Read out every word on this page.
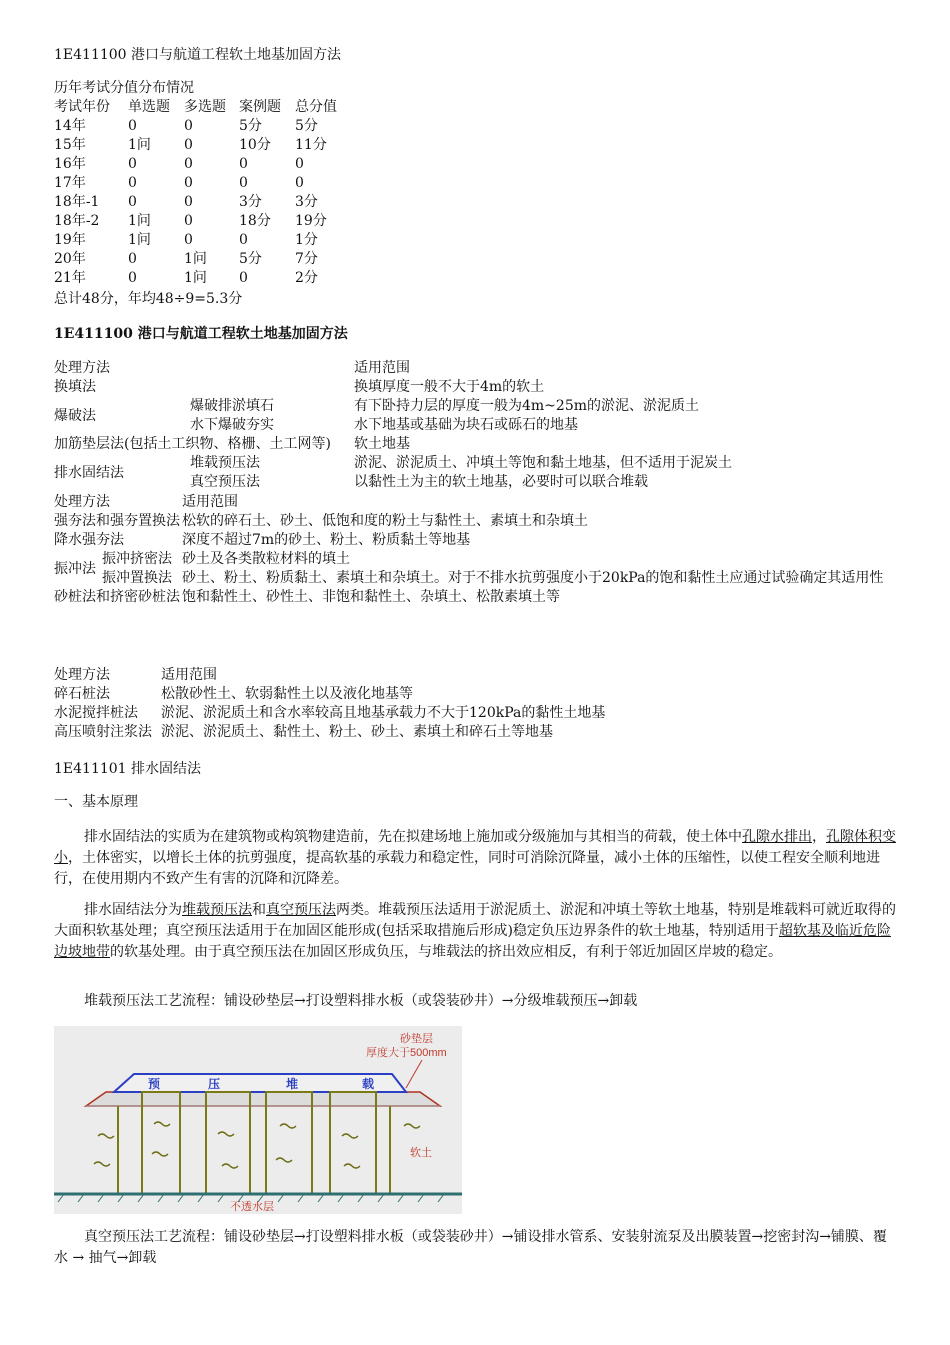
1E411100 港口与航道工程软土地基加固方法
历年考试分值分布情况
考试年份	单选题	多选题	案例题	总分值
14年	0	0	5分	5分
15年	1问	0	10分	11分
16年	0	0	0	0
17年	0	0	0	0
18年-1	0	0	3分	3分
18年-2	1问	0	18分	19分
19年	1问	0	0	1分
20年	0	1问	5分	7分
21年	0	1问	0	2分
总计48分，年均48÷9=5.3分
1E411100 港口与航道工程软土地基加固方法
处理方法		适用范围
换填法		换填厚度一般不大于4m的软土
爆破法	爆破排淤填石	有下卧持力层的厚度一般为4m~25m的淤泥、淤泥质土
	水下爆破夯实	水下地基或基础为块石或砾石的地基
加筋垫层法(包括土工织物、格栅、土工网等)		软土地基
排水固结法	堆载预压法	淤泥、淤泥质土、冲填土等饱和黏土地基，但不适用于泥炭土
	真空预压法	以黏性土为主的软土地基，必要时可以联合堆载
处理方法		适用范围
强夯法和强夯置换法		松软的碎石土、砂土、低饱和度的粉土与黏性土、素填土和杂填土
降水强夯法		深度不超过7m的砂土、粉土、粉质黏土等地基
振冲法	振冲挤密法	砂土及各类散粒材料的填土
	振冲置换法	砂土、粉土、粉质黏土、素填土和杂填土。对于不排水抗剪强度小于20kPa的饱和黏性土应通过试验确定其适用性
砂桩法和挤密砂桩法		饱和黏性土、砂性土、非饱和黏性土、杂填土、松散素填土等
处理方法	适用范围
碎石桩法	松散砂性土、软弱黏性土以及液化地基等
水泥搅拌桩法	淤泥、淤泥质土和含水率较高且地基承载力不大于120kPa的黏性土地基
高压喷射注浆法	淤泥、淤泥质土、黏性土、粉土、砂土、素填土和碎石土等地基
1E411101 排水固结法
一、基本原理
排水固结法的实质为在建筑物或构筑物建造前，先在拟建场地上施加或分级施加与其相当的荷载，使土体中孔隙水排出，孔隙体积变小，土体密实，以增长土体的抗剪强度，提高软基的承载力和稳定性，同时可消除沉降量，减小土体的压缩性，以使工程安全顺利地进行，在使用期内不致产生有害的沉降和沉降差。
排水固结法分为堆载预压法和真空预压法两类。堆载预压法适用于淤泥质土、淤泥和冲填土等软土地基，特别是堆载料可就近取得的大面积软基处理；真空预压法适用于在加固区能形成(包括采取措施后形成)稳定负压边界条件的软土地基，特别适用于超软基及临近危险边坡地带的软基处理。由于真空预压法在加固区形成负压，与堆载法的挤出效应相反，有利于邻近加固区岸坡的稳定。
堆载预压法工艺流程：铺设砂垫层→打设塑料排水板（或袋装砂井）→分级堆载预压→卸载
预	压	堆	载
砂垫层
厚度大于500mm
软土
不透水层
真空预压法工艺流程：铺设砂垫层→打设塑料排水板（或袋装砂井）→铺设排水管系、安装射流泵及出膜装置→挖密封沟→铺膜、覆水 → 抽气→卸载
